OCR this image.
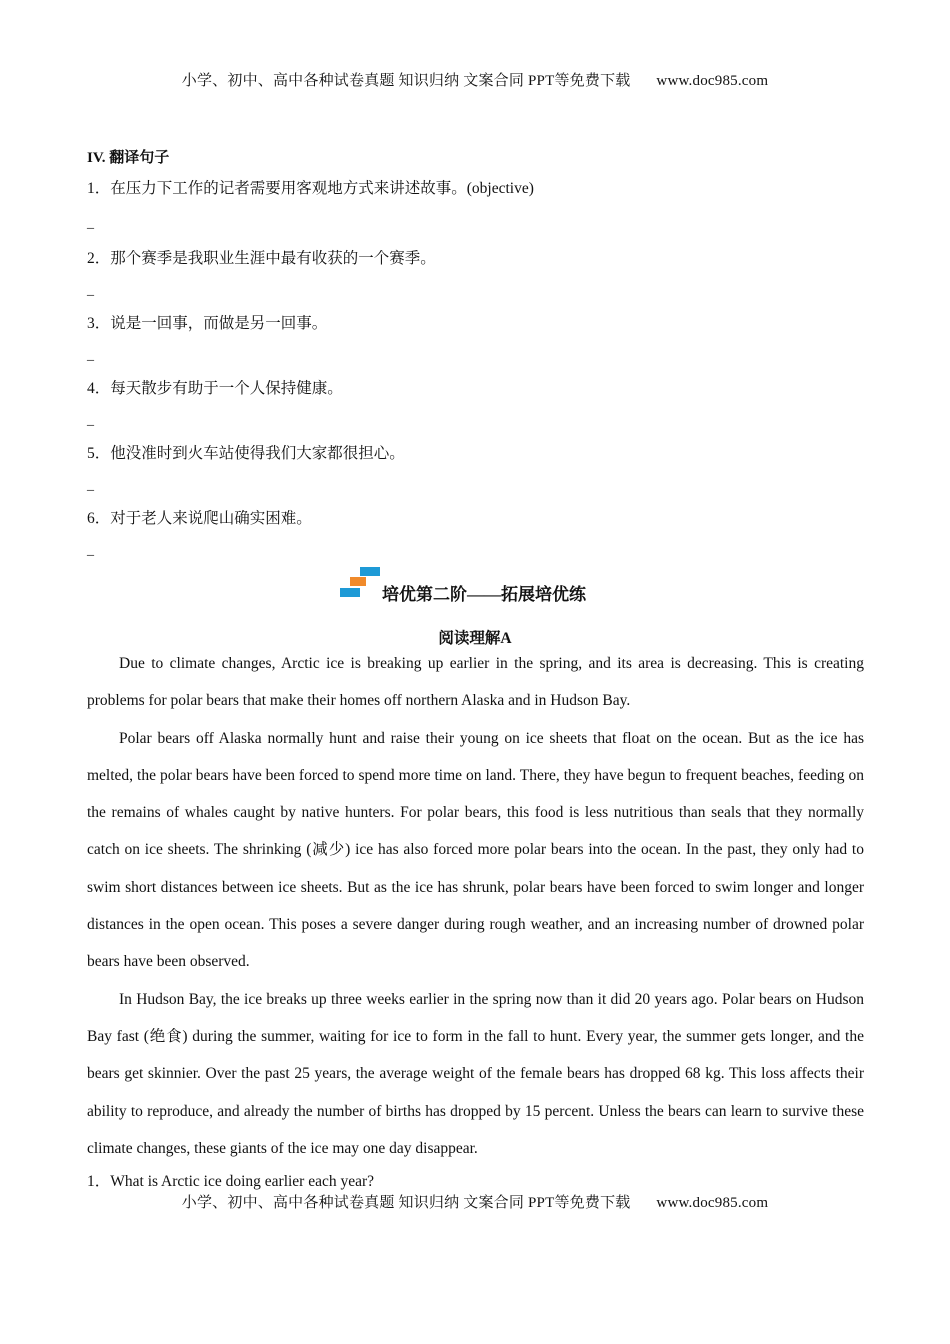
小学、初中、高中各种试卷真题 知识归纳 文案合同 PPT等免费下载 www.doc985.com
IV. 翻译句子
1．在压力下工作的记者需要用客观地方式来讲述故事。(objective)
_
2．那个赛季是我职业生涯中最有收获的一个赛季。
_
3．说是一回事，而做是另一回事。
_
4．每天散步有助于一个人保持健康。
_
5．他没准时到火车站使得我们大家都很担心。
_
6．对于老人来说爬山确实困难。
_
培优第二阶——拓展培优练
阅读理解A

Due to climate changes, Arctic ice is breaking up earlier in the spring, and its area is decreasing. This is creating problems for polar bears that make their homes off northern Alaska and in Hudson Bay.

Polar bears off Alaska normally hunt and raise their young on ice sheets that float on the ocean. But as the ice has melted, the polar bears have been forced to spend more time on land. There, they have begun to frequent beaches, feeding on the remains of whales caught by native hunters. For polar bears, this food is less nutritious than seals that they normally catch on ice sheets. The shrinking (减少) ice has also forced more polar bears into the ocean. In the past, they only had to swim short distances between ice sheets. But as the ice has shrunk, polar bears have been forced to swim longer and longer distances in the open ocean. This poses a severe danger during rough weather, and an increasing number of drowned polar bears have been observed.

In Hudson Bay, the ice breaks up three weeks earlier in the spring now than it did 20 years ago. Polar bears on Hudson Bay fast (绝食) during the summer, waiting for ice to form in the fall to hunt. Every year, the summer gets longer, and the bears get skinnier. Over the past 25 years, the average weight of the female bears has dropped 68 kg. This loss affects their ability to reproduce, and already the number of births has dropped by 15 percent. Unless the bears can learn to survive these climate changes, these giants of the ice may one day disappear.

1．What is Arctic ice doing earlier each year?
小学、初中、高中各种试卷真题 知识归纳 文案合同 PPT等免费下载 www.doc985.com
